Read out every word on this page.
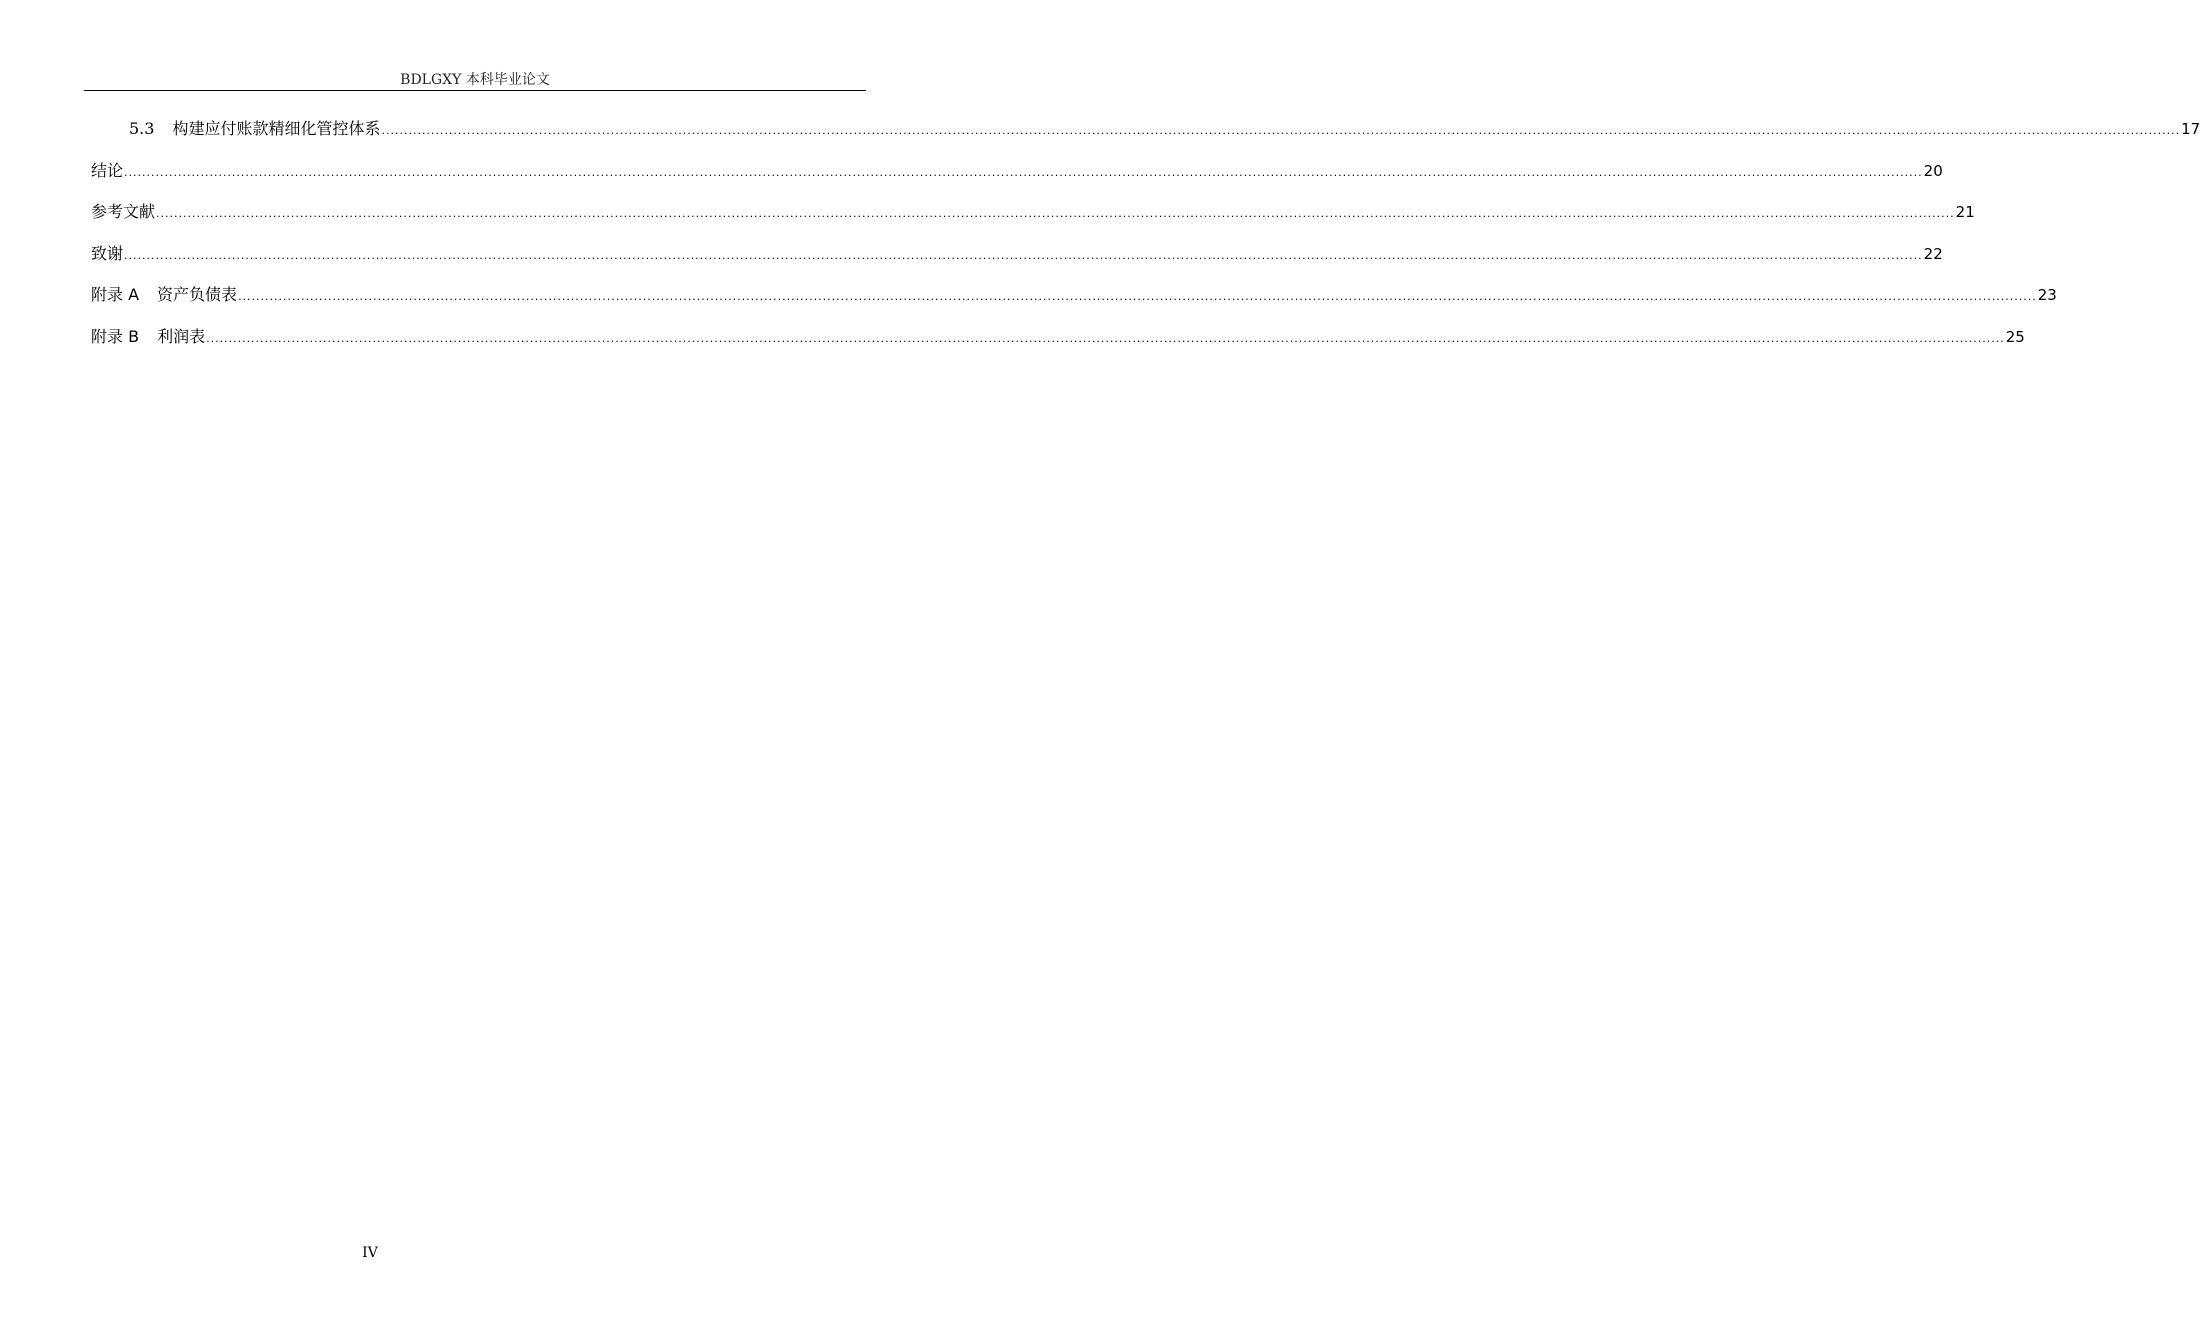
BDLGXY 本科毕业论文
5.3 构建应付账款精细化管控体系 ................................................................................................................................................................................................................................................................................................................................................................................................................ 17
结论 ................................................................................................................................................................................................................................................................................................................................................................................................................ 20
参考文献 ................................................................................................................................................................................................................................................................................................................................................................................................................ 21
致谢 ................................................................................................................................................................................................................................................................................................................................................................................................................ 22
附录 A 资产负债表 ................................................................................................................................................................................................................................................................................................................................................................................................................ 23
附录 B 利润表 ................................................................................................................................................................................................................................................................................................................................................................................................................ 25
IV
